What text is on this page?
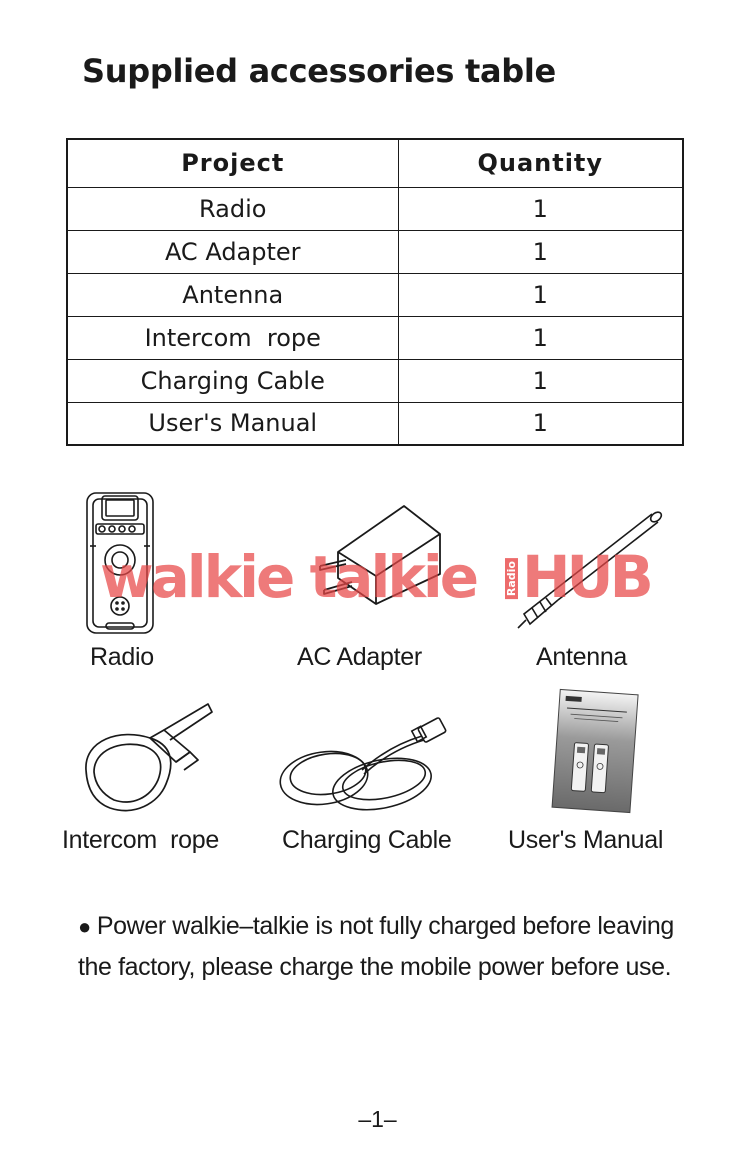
Supplied accessories table
Project	Quantity
Radio	1
AC Adapter	1
Antenna	1
Intercom  rope	1
Charging Cable	1
User's Manual	1
walkie talkie	Radio HUB
Radio	AC Adapter	Antenna
Intercom  rope	Charging Cable User's Manual
● Power walkie–talkie is not fully charged before leaving the factory, please charge the mobile power before use.
–1–
